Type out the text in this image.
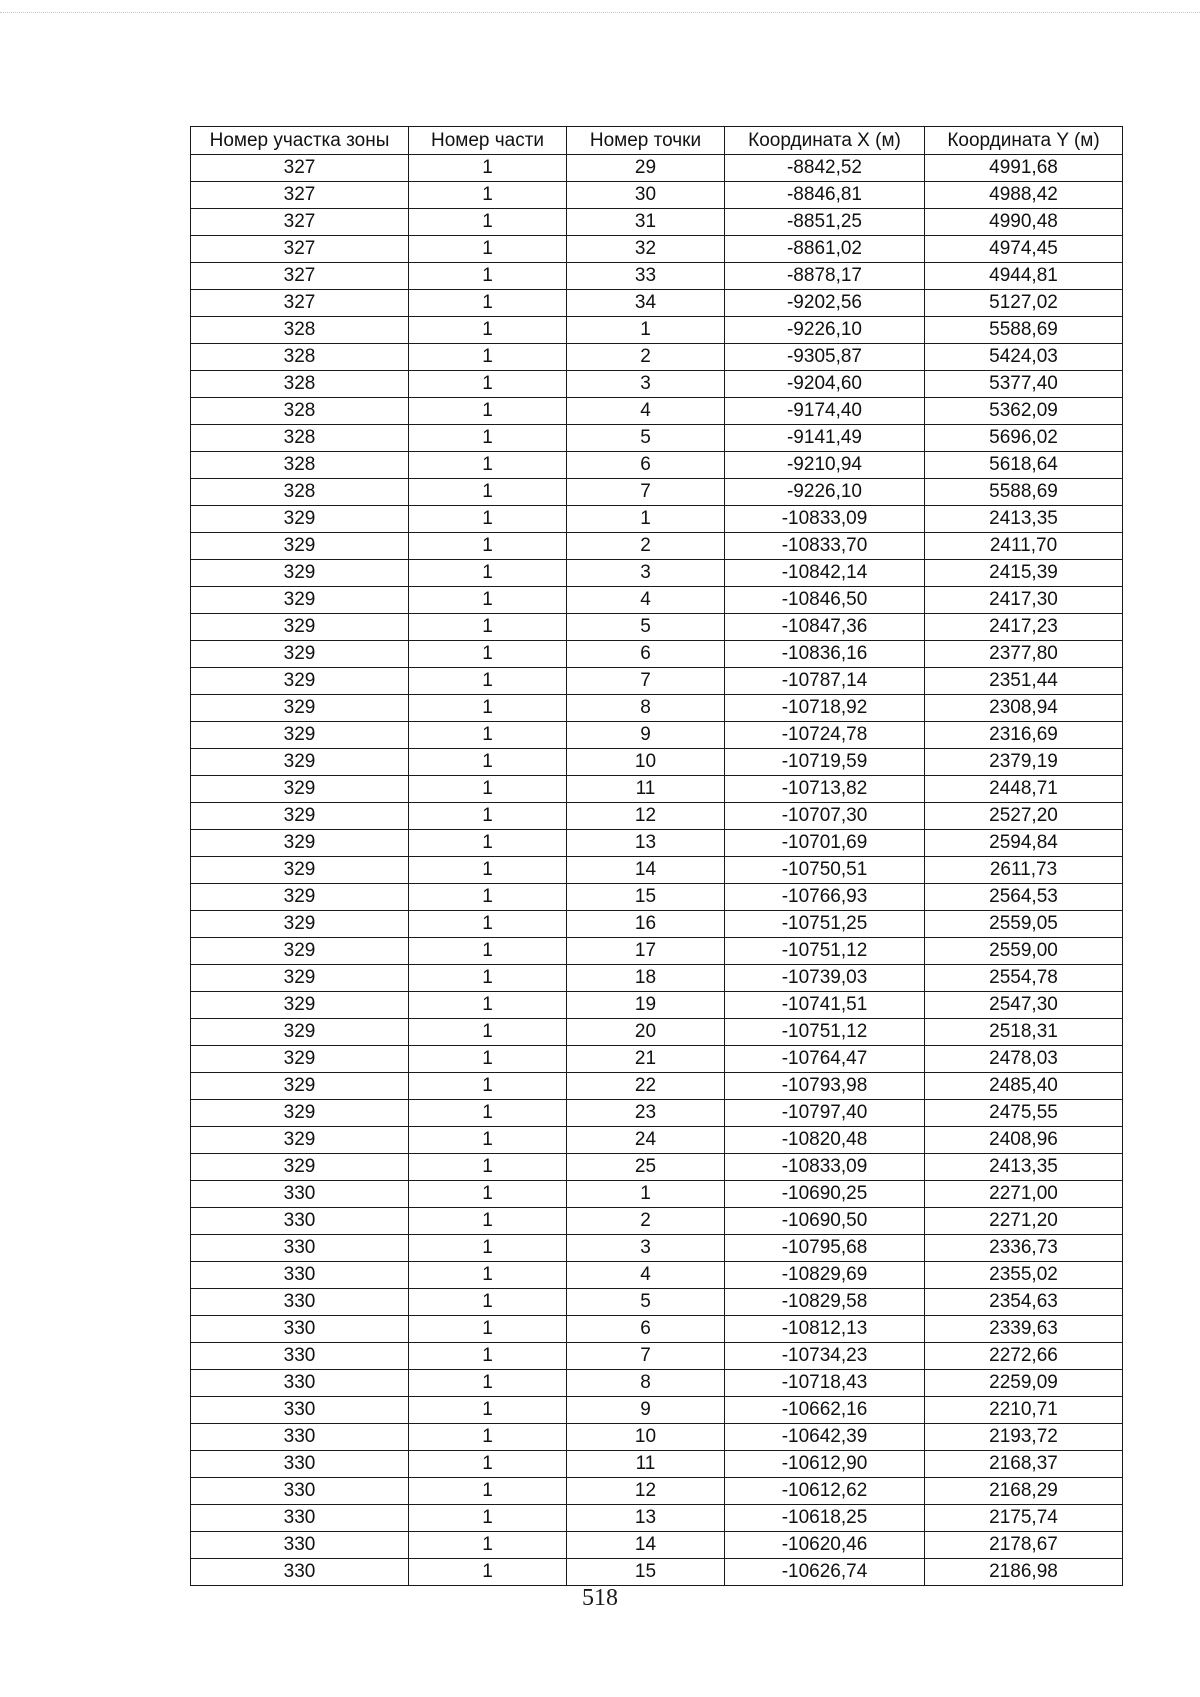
Номер участка зоны	Номер части	Номер точки	Координата X (м)	Координата Y (м)
327	1	29	-8842,52	4991,68
327	1	30	-8846,81	4988,42
327	1	31	-8851,25	4990,48
327	1	32	-8861,02	4974,45
327	1	33	-8878,17	4944,81
327	1	34	-9202,56	5127,02
328	1	1	-9226,10	5588,69
328	1	2	-9305,87	5424,03
328	1	3	-9204,60	5377,40
328	1	4	-9174,40	5362,09
328	1	5	-9141,49	5696,02
328	1	6	-9210,94	5618,64
328	1	7	-9226,10	5588,69
329	1	1	-10833,09	2413,35
329	1	2	-10833,70	2411,70
329	1	3	-10842,14	2415,39
329	1	4	-10846,50	2417,30
329	1	5	-10847,36	2417,23
329	1	6	-10836,16	2377,80
329	1	7	-10787,14	2351,44
329	1	8	-10718,92	2308,94
329	1	9	-10724,78	2316,69
329	1	10	-10719,59	2379,19
329	1	11	-10713,82	2448,71
329	1	12	-10707,30	2527,20
329	1	13	-10701,69	2594,84
329	1	14	-10750,51	2611,73
329	1	15	-10766,93	2564,53
329	1	16	-10751,25	2559,05
329	1	17	-10751,12	2559,00
329	1	18	-10739,03	2554,78
329	1	19	-10741,51	2547,30
329	1	20	-10751,12	2518,31
329	1	21	-10764,47	2478,03
329	1	22	-10793,98	2485,40
329	1	23	-10797,40	2475,55
329	1	24	-10820,48	2408,96
329	1	25	-10833,09	2413,35
330	1	1	-10690,25	2271,00
330	1	2	-10690,50	2271,20
330	1	3	-10795,68	2336,73
330	1	4	-10829,69	2355,02
330	1	5	-10829,58	2354,63
330	1	6	-10812,13	2339,63
330	1	7	-10734,23	2272,66
330	1	8	-10718,43	2259,09
330	1	9	-10662,16	2210,71
330	1	10	-10642,39	2193,72
330	1	11	-10612,90	2168,37
330	1	12	-10612,62	2168,29
330	1	13	-10618,25	2175,74
330	1	14	-10620,46	2178,67
330	1	15	-10626,74	2186,98
518
